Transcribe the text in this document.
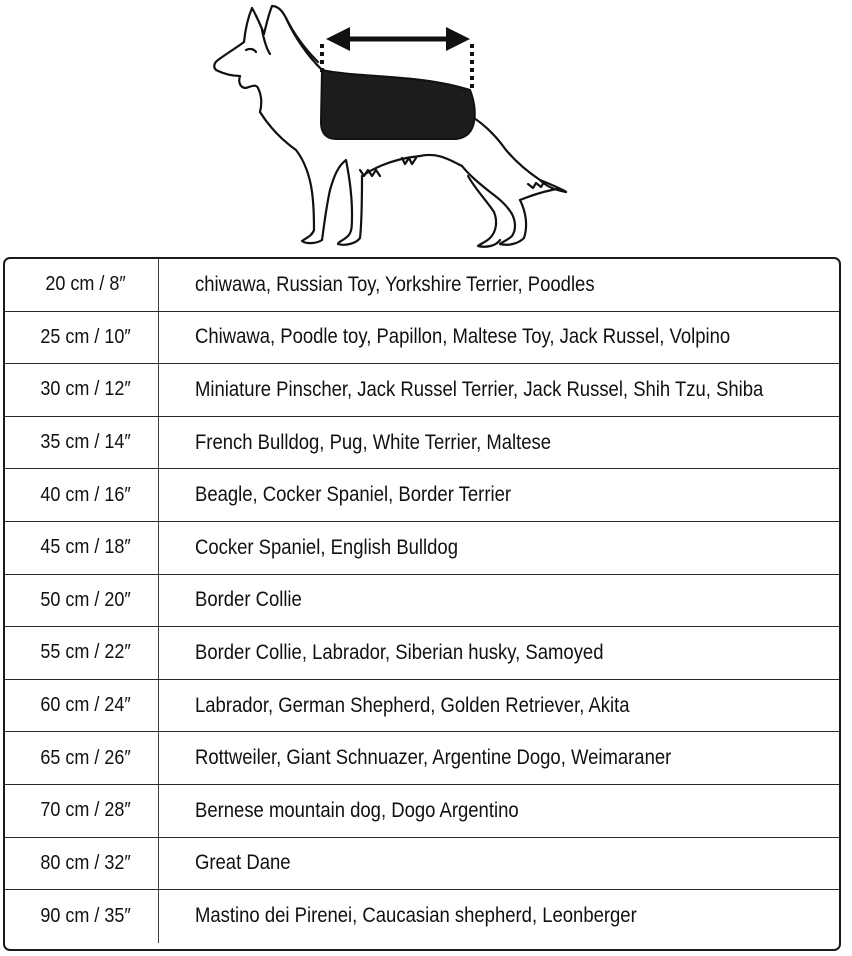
20 cm / 8″	chiwawa, Russian Toy, Yorkshire Terrier, Poodles
25 cm / 10″	Chiwawa, Poodle toy, Papillon, Maltese Toy, Jack Russel, Volpino
30 cm / 12″	Miniature Pinscher, Jack Russel Terrier, Jack Russel, Shih Tzu, Shiba
35 cm / 14″	French Bulldog, Pug, White Terrier, Maltese
40 cm / 16″	Beagle, Cocker Spaniel, Border Terrier
45 cm / 18″	Cocker Spaniel, English Bulldog
50 cm / 20″	Border Collie
55 cm / 22″	Border Collie, Labrador, Siberian husky, Samoyed
60 cm / 24″	Labrador, German Shepherd, Golden Retriever, Akita
65 cm / 26″	Rottweiler, Giant Schnuazer, Argentine Dogo, Weimaraner
70 cm / 28″	Bernese mountain dog, Dogo Argentino
80 cm / 32″	Great Dane
90 cm / 35″	Mastino dei Pirenei, Caucasian shepherd, Leonberger
